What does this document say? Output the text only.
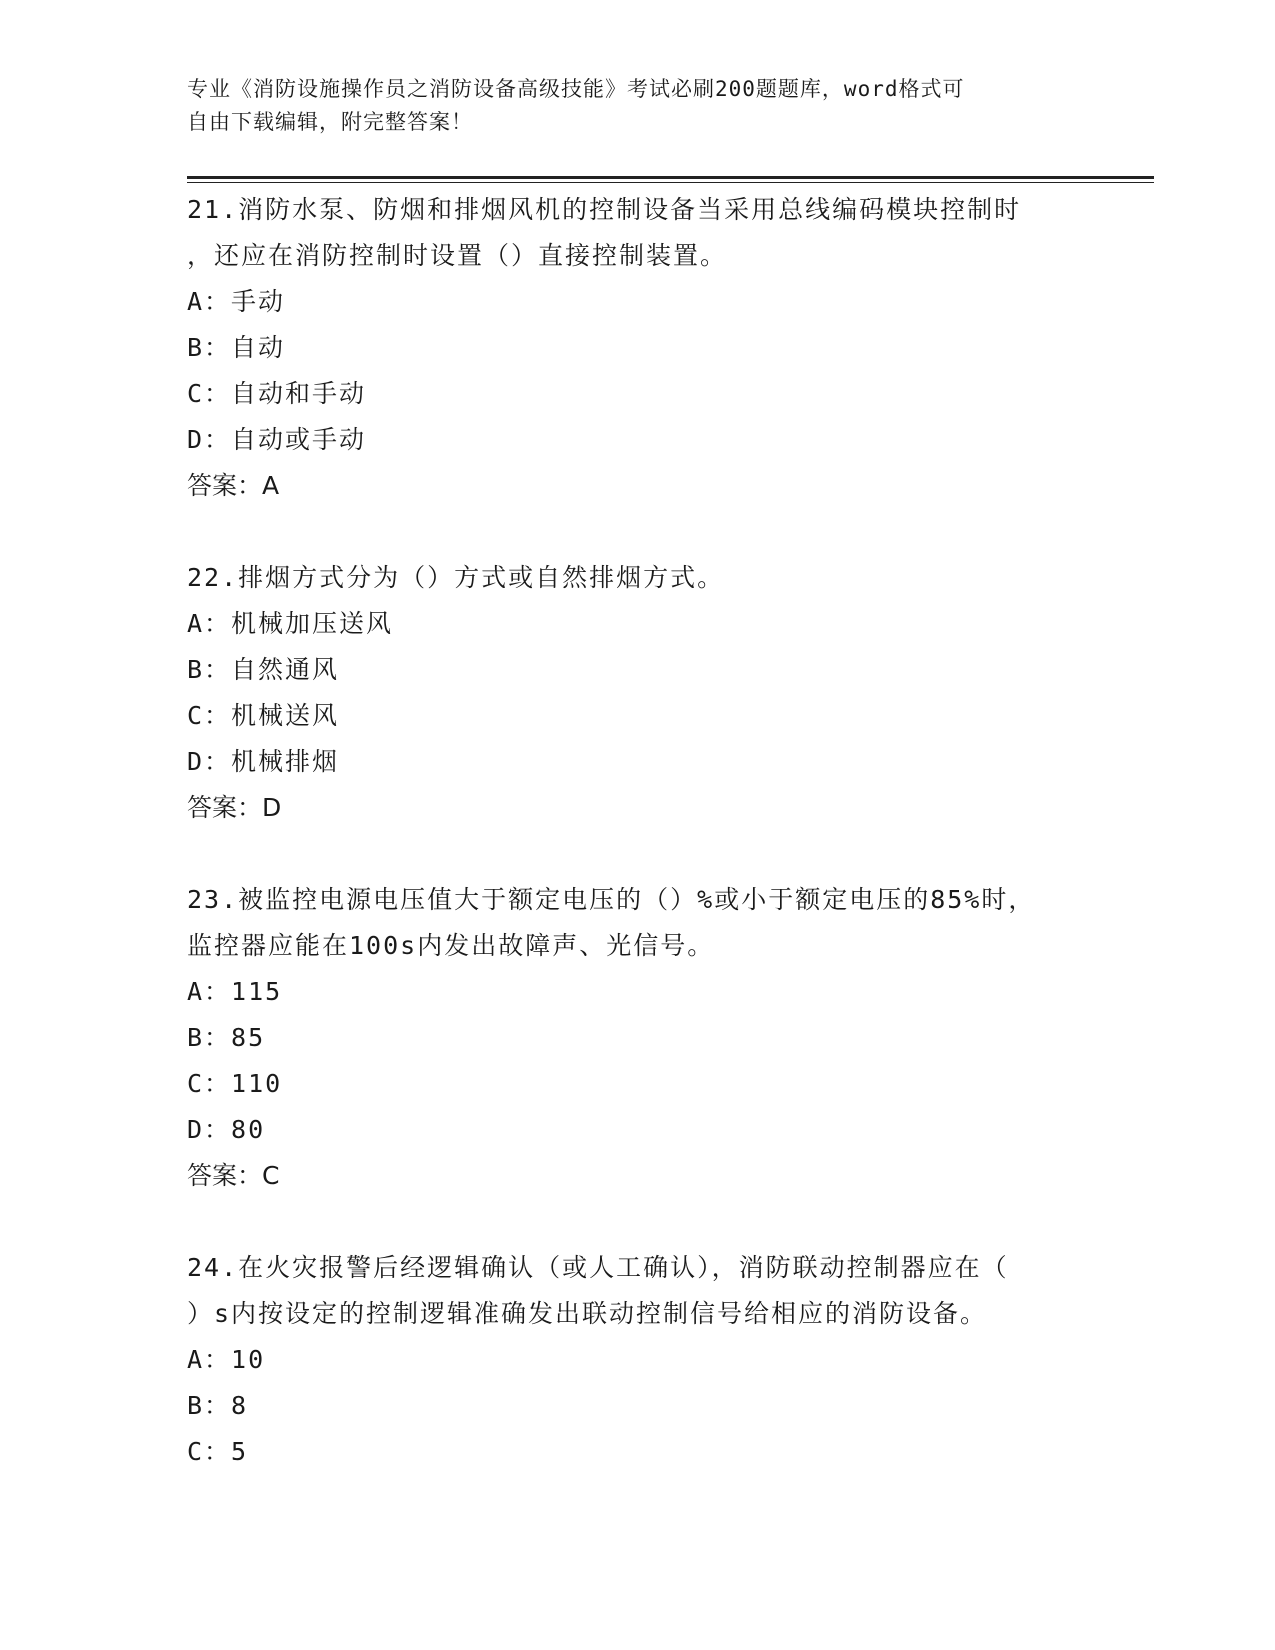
专业《消防设施操作员之消防设备高级技能》考试必刷200题题库，word格式可
自由下载编辑，附完整答案！
21.消防水泵、防烟和排烟风机的控制设备当采用总线编码模块控制时
，还应在消防控制时设置（）直接控制装置。
A：手动
B：自动
C：自动和手动
D：自动或手动
答案：A
22.排烟方式分为（）方式或自然排烟方式。
A：机械加压送风
B：自然通风
C：机械送风
D：机械排烟
答案：D
23.被监控电源电压值大于额定电压的（）%或小于额定电压的85%时，
监控器应能在100s内发出故障声、光信号。
A：115
B：85
C：110
D：80
答案：C
24.在火灾报警后经逻辑确认（或人工确认），消防联动控制器应在（
）s内按设定的控制逻辑准确发出联动控制信号给相应的消防设备。
A：10
B：8
C：5
